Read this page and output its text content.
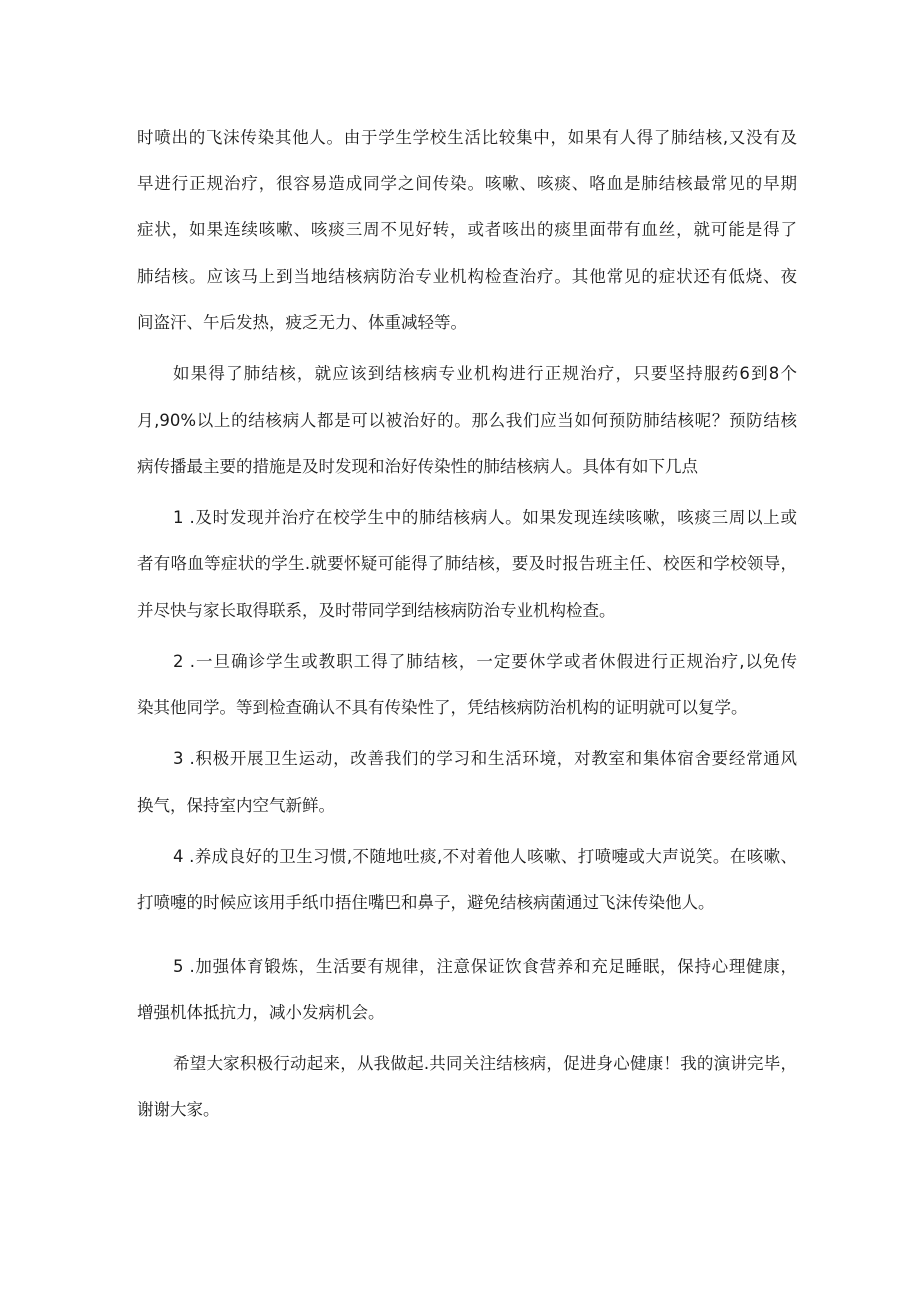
时喷出的飞沫传染其他人。由于学生学校生活比较集中，如果有人得了肺结核,又没有及

早进行正规治疗，很容易造成同学之间传染。咳嗽、咳痰、咯血是肺结核最常见的早期

症状，如果连续咳嗽、咳痰三周不见好转，或者咳出的痰里面带有血丝，就可能是得了

肺结核。应该马上到当地结核病防治专业机构检查治疗。其他常见的症状还有低烧、夜

间盗汗、午后发热，疲乏无力、体重减轻等。

如果得了肺结核，就应该到结核病专业机构进行正规治疗，只要坚持服药6到8个

月,90%以上的结核病人都是可以被治好的。那么我们应当如何预防肺结核呢？预防结核

病传播最主要的措施是及时发现和治好传染性的肺结核病人。具体有如下几点

1 .及时发现并治疗在校学生中的肺结核病人。如果发现连续咳嗽，咳痰三周以上或

者有咯血等症状的学生.就要怀疑可能得了肺结核，要及时报告班主任、校医和学校领导，

并尽快与家长取得联系，及时带同学到结核病防治专业机构检查。

2 .一旦确诊学生或教职工得了肺结核，一定要休学或者休假进行正规治疗,以免传

染其他同学。等到检查确认不具有传染性了，凭结核病防治机构的证明就可以复学。

3 .积极开展卫生运动，改善我们的学习和生活环境，对教室和集体宿舍要经常通风

换气，保持室内空气新鲜。

4 .养成良好的卫生习惯,不随地吐痰,不对着他人咳嗽、打喷嚏或大声说笑。在咳嗽、

打喷嚏的时候应该用手纸巾捂住嘴巴和鼻子，避免结核病菌通过飞沫传染他人。

5 .加强体育锻炼，生活要有规律，注意保证饮食营养和充足睡眠，保持心理健康，

增强机体抵抗力，减小发病机会。

希望大家积极行动起来，从我做起.共同关注结核病，促进身心健康！我的演讲完毕，

谢谢大家。
